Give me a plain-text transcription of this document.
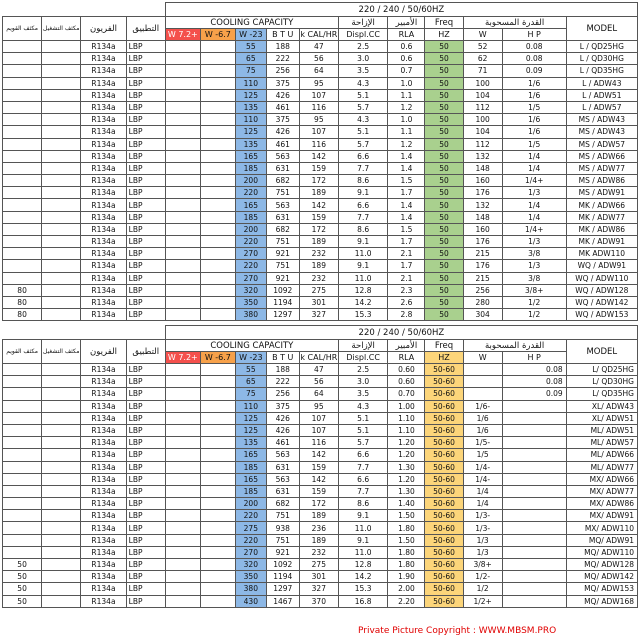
				220 / 240 / 50/60HZ										
مكثف القويم	مكثف التشغيل	الفريون	التطبيق	COOLING CAPACITY					الإزاحة	الأمبير	Freq	القدرة المسحوبة		MODEL
				W 7.2+	W -6.7	W -23	B T U	k CAL/HR	Displ.CC	RLA	HZ	W	H P	
		R134a	LBP			55	188	47	2.5	0.6	50	52	0.08	L / QD25HG
		R134a	LBP			65	222	56	3.0	0.6	50	62	0.08	L / QD30HG
		R134a	LBP			75	256	64	3.5	0.7	50	71	0.09	L / QD35HG
		R134a	LBP			110	375	95	4.3	1.0	50	100	1/6	L / ADW43
		R134a	LBP			125	426	107	5.1	1.1	50	104	1/6	L / ADW51
		R134a	LBP			135	461	116	5.7	1.2	50	112	1/5	L / ADW57
		R134a	LBP			110	375	95	4.3	1.0	50	100	1/6	MS / ADW43
		R134a	LBP			125	426	107	5.1	1.1	50	104	1/6	MS / ADW43
		R134a	LBP			135	461	116	5.7	1.2	50	112	1/5	MS / ADW57
		R134a	LBP			165	563	142	6.6	1.4	50	132	1/4	MS / ADW66
		R134a	LBP			185	631	159	7.7	1.4	50	148	1/4	MS / ADW77
		R134a	LBP			200	682	172	8.6	1.5	50	160	1/4+	MS / ADW86
		R134a	LBP			220	751	189	9.1	1.7	50	176	1/3	MS / ADW91
		R134a	LBP			165	563	142	6.6	1.4	50	132	1/4	MK / ADW66
		R134a	LBP			185	631	159	7.7	1.4	50	148	1/4	MK / ADW77
		R134a	LBP			200	682	172	8.6	1.5	50	160	1/4+	MK / ADW86
		R134a	LBP			220	751	189	9.1	1.7	50	176	1/3	MK / ADW91
		R134a	LBP			270	921	232	11.0	2.1	50	215	3/8	MK ADW110
		R134a	LBP			220	751	189	9.1	1.7	50	176	1/3	WQ / ADW91
		R134a	LBP			270	921	232	11.0	2.1	50	215	3/8	WQ / ADW110
80		R134a	LBP			320	1092	275	12.8	2.3	50	256	3/8+	WQ / ADW128
80		R134a	LBP			350	1194	301	14.2	2.6	50	280	1/2	WQ / ADW142
80		R134a	LBP			380	1297	327	15.3	2.8	50	304	1/2	WQ / ADW153
				220 / 240 / 50/60HZ										
مكثف القويم	مكثف التشغيل	الفريون	التطبيق	COOLING CAPACITY					الإزاحة	الأمبير	Freq	القدرة المسحوبة		MODEL
				W 7.2+	W -6.7	W -23	B T U	k CAL/HR	Displ.CC	RLA	HZ	W	H P	
		R134a	LBP			55	188	47	2.5	0.60	50-60		0.08	L/ QD25HG
		R134a	LBP			65	222	56	3.0	0.60	50-60		0.08	L/ QD30HG
		R134a	LBP			75	256	64	3.5	0.70	50-60		0.09	L/ QD35HG
		R134a	LBP			110	375	95	4.3	1.00	50-60	1/6-		XL/ ADW43
		R134a	LBP			125	426	107	5.1	1.10	50-60	1/6		XL/ ADW51
		R134a	LBP			125	426	107	5.1	1.10	50-60	1/6		ML/ ADW51
		R134a	LBP			135	461	116	5.7	1.20	50-60	1/5-		ML/ ADW57
		R134a	LBP			165	563	142	6.6	1.20	50-60	1/5		ML/ ADW66
		R134a	LBP			185	631	159	7.7	1.30	50-60	1/4-		ML/ ADW77
		R134a	LBP			165	563	142	6.6	1.20	50-60	1/4-		MX/ ADW66
		R134a	LBP			185	631	159	7.7	1.30	50-60	1/4		MX/ ADW77
		R134a	LBP			200	682	172	8.6	1.40	50-60	1/4		MX/ ADW86
		R134a	LBP			220	751	189	9.1	1.50	50-60	1/3-		MX/ ADW91
		R134a	LBP			275	938	236	11.0	1.80	50-60	1/3-		MX/ ADW110
		R134a	LBP			220	751	189	9.1	1.50	50-60	1/3		MQ/ ADW91
		R134a	LBP			270	921	232	11.0	1.80	50-60	1/3		MQ/ ADW110
50		R134a	LBP			320	1092	275	12.8	1.80	50-60	3/8+		MQ/ ADW128
50		R134a	LBP			350	1194	301	14.2	1.90	50-60	1/2-		MQ/ ADW142
50		R134a	LBP			380	1297	327	15.3	2.00	50-60	1/2		MQ/ ADW153
50		R134a	LBP			430	1467	370	16.8	2.20	50-60	1/2+		MQ/ ADW168
Private Picture Copyright : WWW.MBSM.PRO
